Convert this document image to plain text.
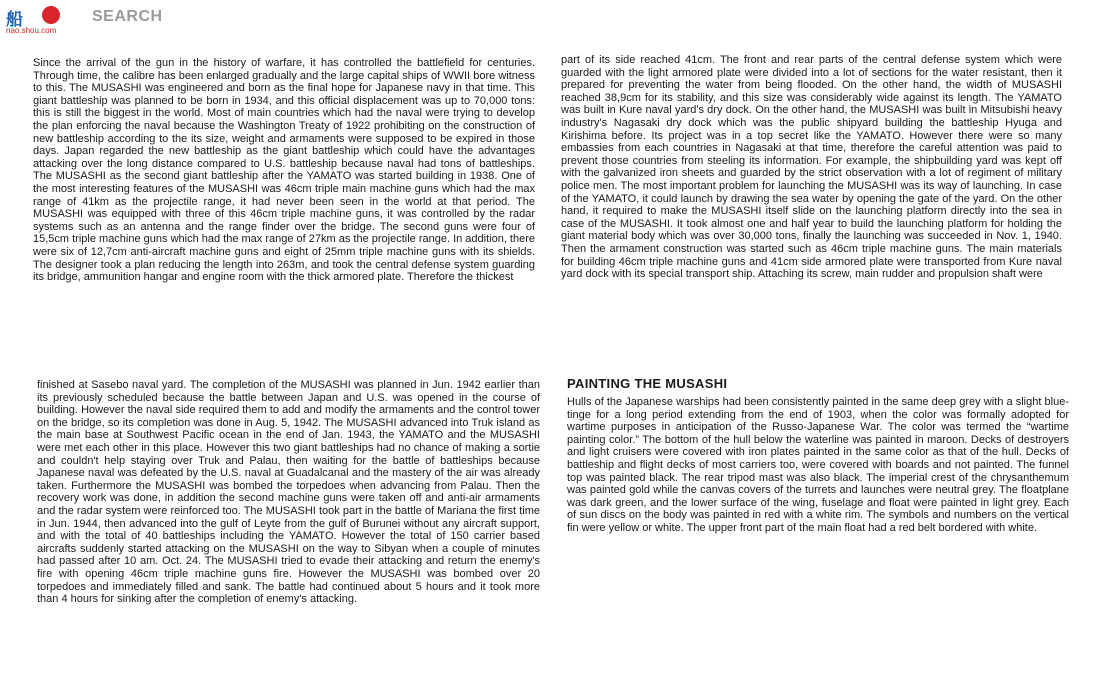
船	SEARCH
nao.shou.com

Since the arrival of the gun in the history of warfare, it has controlled the battlefield for centuries. Through time, the calibre has been enlarged gradually and the large capital ships of WWII bore witness to this. The MUSASHI was engineered and born as the final hope for Japanese navy in that time. This giant battleship was planned to be born in 1934, and this official displacement was up to 70,000 tons: this is still the biggest in the world. Most of main countries which had the naval were trying to develop the plan enforcing the naval because the Washington Treaty of 1922 prohibiting on the construction of new battleship according to the its size, weight and armaments were supposed to be expired in those days. Japan regarded the new battleship as the giant battleship which could have the advantages attacking over the long distance compared to U.S. battleship because naval had tons of battleships. The MUSASHI as the second giant battleship after the YAMATO was started building in 1938. One of the most interesting features of the MUSASHI was 46cm triple main machine guns which had the max range of 41km as the projectile range, it had never been seen in the world at that period. The MUSASHI was equipped with three of this 46cm triple machine guns, it was controlled by the radar systems such as an antenna and the range finder over the bridge. The second guns were four of 15,5cm triple machine guns which had the max range of 27km as the projectile range. In addition, there were six of 12,7cm anti-aircraft machine guns and eight of 25mm triple machine guns with its shields. The designer took a plan reducing the length into 263m, and took the central defense system guarding its bridge, ammunition hangar and engine room with the thick armored plate. Therefore the thickest

part of its side reached 41cm. The front and rear parts of the central defense system which were guarded with the light armored plate were divided into a lot of sections for the water resistant, then it prepared for preventing the water from being flooded. On the other hand, the width of MUSASHI reached 38,9cm for its stability, and this size was considerably wide against its length. The YAMATO was built in Kure naval yard's dry dock. On the other hand, the MUSASHI was built in Mitsubishi heavy industry's Nagasaki dry dock which was the public shipyard building the battleship Hyuga and Kirishima before. Its project was in a top secret like the YAMATO. However there were so many embassies from each countries in Nagasaki at that time, therefore the careful attention was paid to prevent those countries from steeling its information. For example, the shipbuilding yard was kept off with the galvanized iron sheets and guarded by the strict observation with a lot of regiment of military police men. The most important problem for launching the MUSASHI was its way of launching. In case of the YAMATO, it could launch by drawing the sea water by opening the gate of the yard. On the other hand, it required to make the MUSASHI itself slide on the launching platform directly into the sea in case of the MUSASHI. It took almost one and half year to build the launching platform for holding the giant material body which was over 30,000 tons, finally the launching was succeeded in Nov. 1, 1940. Then the armament construction was started such as 46cm triple machine guns. The main materials for building 46cm triple machine guns and 41cm side armored plate were transported from Kure naval yard dock with its special transport ship. Attaching its screw, main rudder and propulsion shaft were

finished at Sasebo naval yard. The completion of the MUSASHI was planned in Jun. 1942 earlier than its previously scheduled because the battle between Japan and U.S. was opened in the course of building. However the naval side required them to add and modify the armaments and the control tower on the bridge, so its completion was done in Aug. 5, 1942. The MUSASHI advanced into Truk island as the main base at Southwest Pacific ocean in the end of Jan. 1943, the YAMATO and the MUSASHI were met each other in this place. However this two giant battleships had no chance of making a sortie and couldn't help staying over Truk and Palau, then waiting for the battle of battleships because Japanese naval was defeated by the U.S. naval at Guadalcanal and the mastery of the air was already taken. Furthermore the MUSASHI was bombed the torpedoes when advancing from Palau. Then the recovery work was done, in addition the second machine guns were taken off and anti-air armaments and the radar system were reinforced too. The MUSASHI took part in the battle of Mariana the first time in Jun. 1944, then advanced into the gulf of Leyte from the gulf of Burunei without any aircraft support, and with the total of 40 battleships including the YAMATO. However the total of 150 carrier based aircrafts suddenly started attacking on the MUSASHI on the way to Sibyan when a couple of minutes had passed after 10 am. Oct. 24. The MUSASHI tried to evade their attacking and return the enemy's fire with opening 46cm triple machine guns fire. However the MUSASHI was bombed over 20 torpedoes and immediately filled and sank. The battle had continued about 5 hours and it took more than 4 hours for sinking after the completion of enemy's attacking.

PAINTING THE MUSASHI

Hulls of the Japanese warships had been consistently painted in the same deep grey with a slight blue-tinge for a long period extending from the end of 1903, when the color was formally adopted for wartime purposes in anticipation of the Russo-Japanese War. The color was termed the “wartime painting color.” The bottom of the hull below the waterline was painted in maroon. Decks of destroyers and light cruisers were covered with iron plates painted in the same color as that of the hull. Decks of battleship and flight decks of most carriers too, were covered with boards and not painted. The funnel top was painted black. The rear tripod mast was also black. The imperial crest of the chrysanthemum was painted gold while the canvas covers of the turrets and launches were neutral grey. The floatplane was dark green, and the lower surface of the wing, fuselage and float were painted in light grey. Each of sun discs on the body was painted in red with a white rim. The symbols and numbers on the vertical fin were yellow or white. The upper front part of the main float had a red belt bordered with white.
